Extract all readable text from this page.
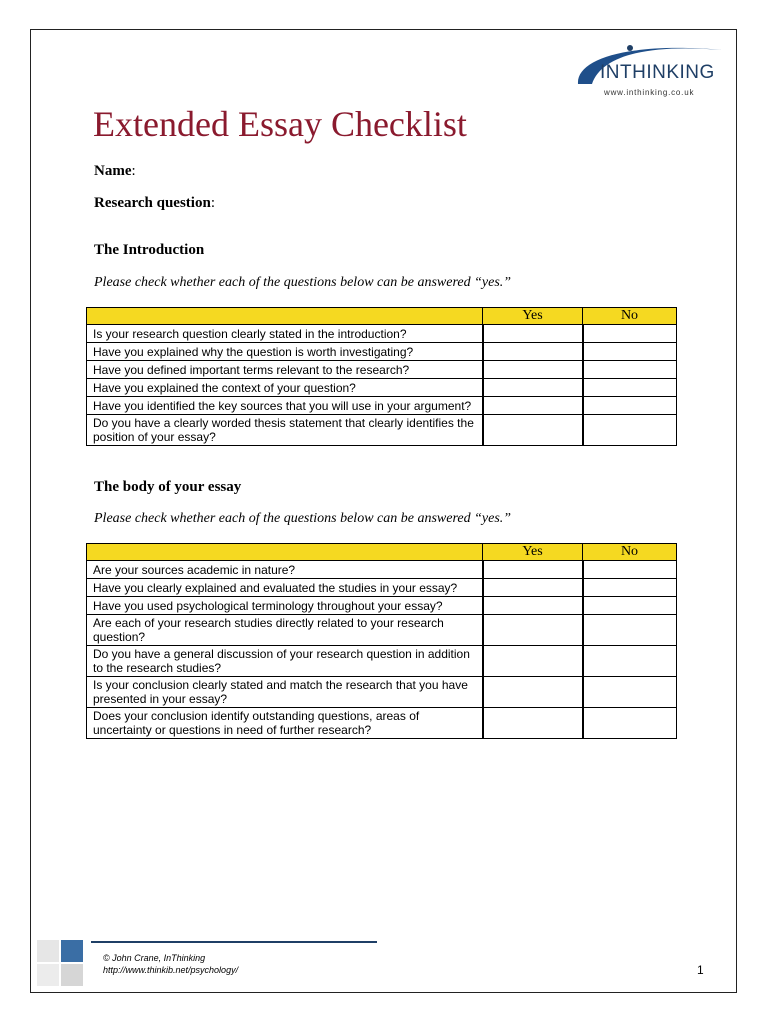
INTHINKING
www.inthinking.co.uk
Extended Essay Checklist
Name:
Research question:
The Introduction

Please check whether each of the questions below can be answered “yes.”

	Yes	No
Is your research question clearly stated in the introduction?		
Have you explained why the question is worth investigating?		
Have you defined important terms relevant to the research?		
Have you explained the context of your question?		
Have you identified the key sources that you will use in your argument?		
Do you have a clearly worded thesis statement that clearly identifies the position of your essay?		
The body of your essay

Please check whether each of the questions below can be answered “yes.”

	Yes	No
Are your sources academic in nature?		
Have you clearly explained and evaluated the studies in your essay?		
Have you used psychological terminology throughout your essay?		
Are each of your research studies directly related to your research question?		
Do you have a general discussion of your research question in addition to the research studies?		
Is your conclusion clearly stated and match the research that you have presented in your essay?		
Does your conclusion identify outstanding questions, areas of uncertainty or questions in need of further research?		
© John Crane, InThinking
http://www.thinkib.net/psychology/	1
